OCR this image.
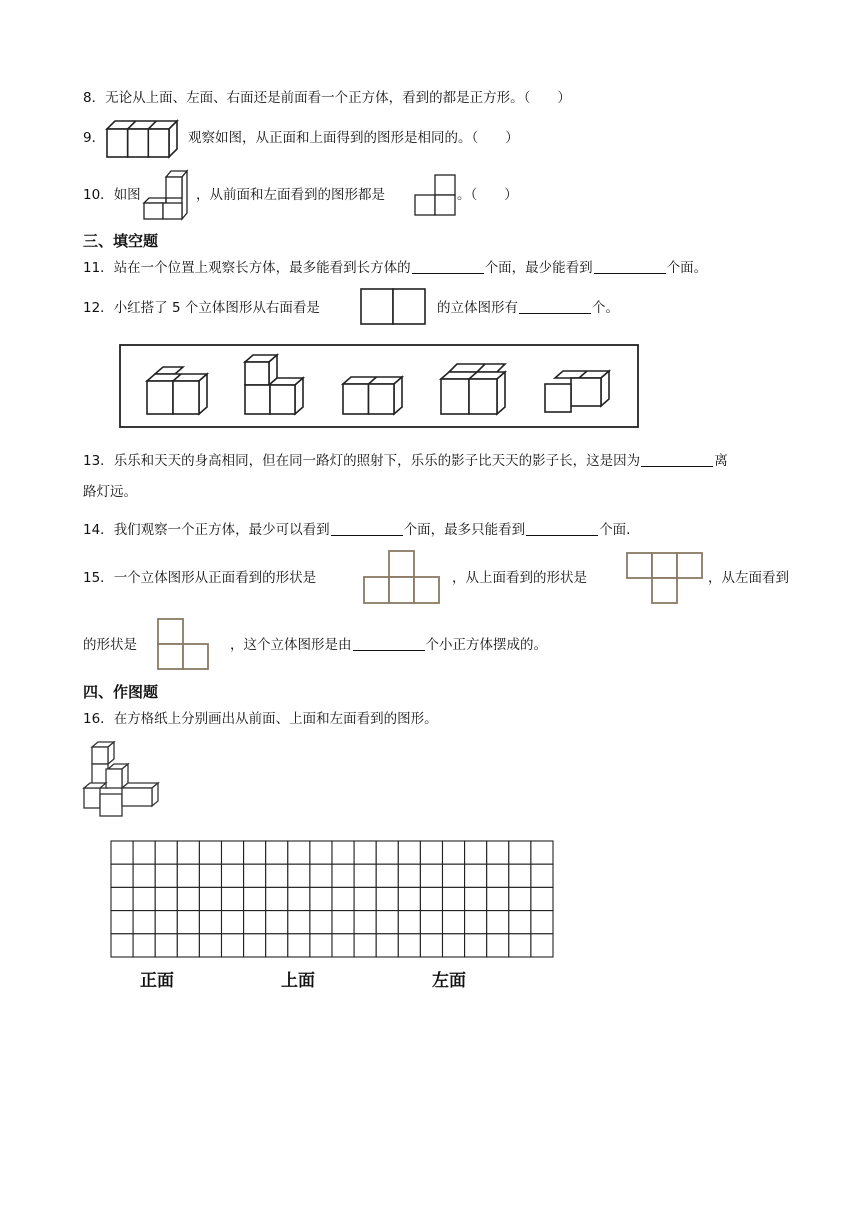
8．无论从上面、左面、右面还是前面看一个正方体，看到的都是正方形。（　　）
9．	观察如图，从正面和上面得到的图形是相同的。（　　）
10．如图	，从前面和左面看到的图形都是	。（　　）
三、填空题
11．站在一个位置上观察长方体，最多能看到长方体的	个面，最少能看到	个面。
12．小红搭了 5 个立体图形从右面看是	的立体图形有	个。
13．乐乐和天天的身高相同，但在同一路灯的照射下，乐乐的影子比天天的影子长，这是因为	离
路灯远。
14．我们观察一个正方体，最少可以看到	个面，最多只能看到	个面.
15．一个立体图形从正面看到的形状是	，从上面看到的形状是	，从左面看到
的形状是	，这个立体图形是由	个小正方体摆成的。
四、作图题
16．在方格纸上分别画出从前面、上面和左面看到的图形。
正面	上面	左面
